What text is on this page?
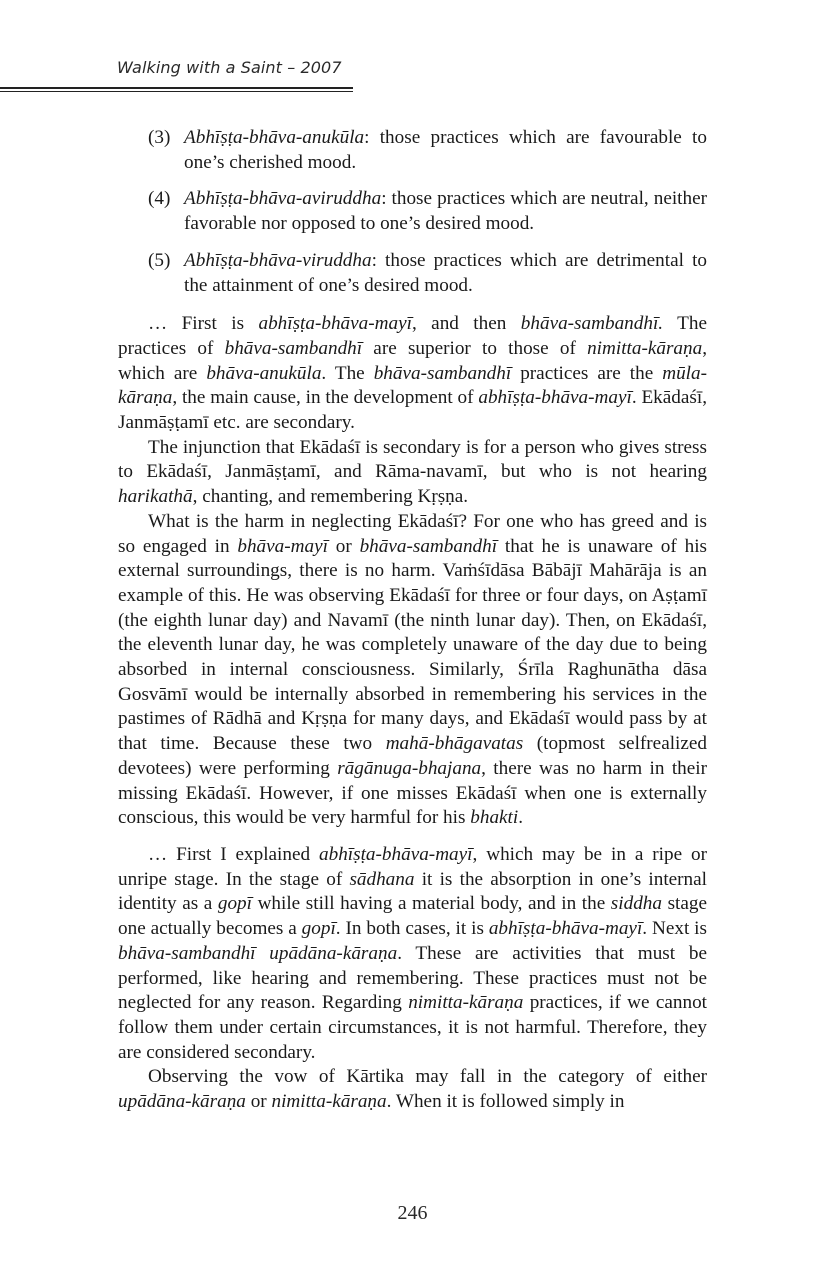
Walking with a Saint – 2007
(3) Abhīṣṭa-bhāva-anukūla: those practices which are favourable to one’s cherished mood.
(4) Abhīṣṭa-bhāva-aviruddha: those practices which are neutral, neither favorable nor opposed to one’s desired mood.
(5) Abhīṣṭa-bhāva-viruddha: those practices which are detrimental to the attainment of one’s desired mood.

… First is abhīṣṭa-bhāva-mayī, and then bhāva-sambandhī. The practices of bhāva-sambandhī are superior to those of nimitta-kāraṇa, which are bhāva-anukūla. The bhāva-sambandhī practices are the mūla-kāraṇa, the main cause, in the development of abhīṣṭa-bhāva-mayī. Ekādaśī, Janmāṣṭamī etc. are secondary.

The injunction that Ekādaśī is secondary is for a person who gives stress to Ekādaśī, Janmāṣṭamī, and Rāma-navamī, but who is not hearing harikathā, chanting, and remembering Kṛṣṇa.

What is the harm in neglecting Ekādaśī? For one who has greed and is so engaged in bhāva-mayī or bhāva-sambandhī that he is unaware of his external surroundings, there is no harm. Vaṁśīdāsa Bābājī Mahārāja is an example of this. He was observing Ekādaśī for three or four days, on Aṣṭamī (the eighth lunar day) and Navamī (the ninth lunar day). Then, on Ekādaśī, the eleventh lunar day, he was completely unaware of the day due to being absorbed in internal consciousness. Similarly, Śrīla Raghunātha dāsa Gosvāmī would be internally absorbed in remembering his services in the pastimes of Rādhā and Kṛṣṇa for many days, and Ekādaśī would pass by at that time. Because these two mahā-bhāgavatas (topmost selfrealized devotees) were performing rāgānuga-bhajana, there was no harm in their missing Ekādaśī. However, if one misses Ekādaśī when one is externally conscious, this would be very harmful for his bhakti.

… First I explained abhīṣṭa-bhāva-mayī, which may be in a ripe or unripe stage. In the stage of sādhana it is the absorption in one’s internal identity as a gopī while still having a material body, and in the siddha stage one actually becomes a gopī. In both cases, it is abhīṣṭa-bhāva-mayī. Next is bhāva-sambandhī upādāna-kāraṇa. These are activities that must be performed, like hearing and remembering. These practices must not be neglected for any reason. Regarding nimitta-kāraṇa practices, if we cannot follow them under certain circumstances, it is not harmful. Therefore, they are considered secondary.

Observing the vow of Kārtika may fall in the category of either upādāna-kāraṇa or nimitta-kāraṇa. When it is followed simply in

246
